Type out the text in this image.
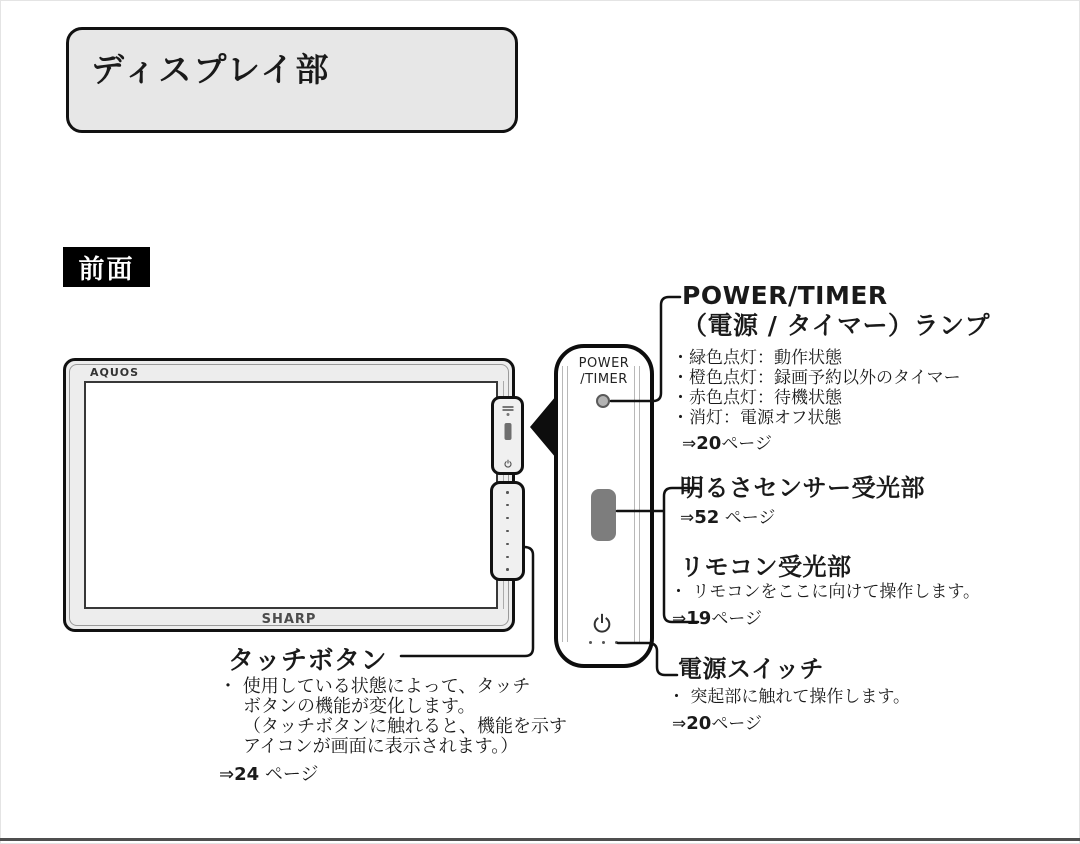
ディスプレイ部
前面
AQUOS
SHARP
POWER
/TIMER
POWER/TIMER
（電源 / タイマー）ランプ
・緑色点灯：動作状態
・橙色点灯：録画予約以外のタイマー
・赤色点灯：待機状態
・消灯：電源オフ状態
⇒20ページ
明るさセンサー受光部
⇒52 ページ
リモコン受光部
・ リモコンをここに向けて操作します。
⇒19ページ
電源スイッチ
・ 突起部に触れて操作します。
⇒20ページ
タッチボタン
・ 使用している状態によって、タッチ
ボタンの機能が変化します。
（タッチボタンに触れると、機能を示す
アイコンが画面に表示されます。）
⇒24 ページ
